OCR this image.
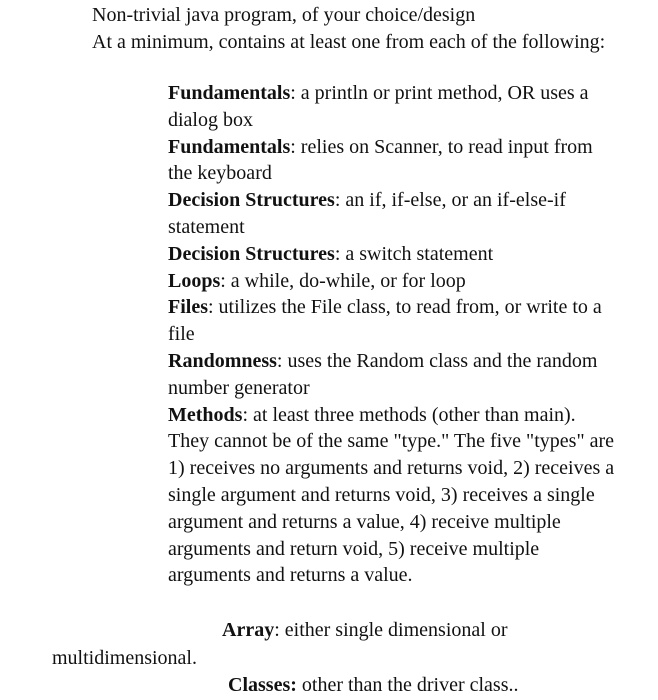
Non-trivial java program, of your choice/design
At a minimum, contains at least one from each of the following:

Fundamentals: a println or print method, OR uses a dialog box

Fundamentals: relies on Scanner, to read input from the keyboard

Decision Structures: an if, if-else, or an if-else-if statement

Decision Structures: a switch statement

Loops: a while, do-while, or for loop

Files: utilizes the File class, to read from, or write to a file

Randomness: uses the Random class and the random number generator

Methods: at least three methods (other than main). They cannot be of the same "type." The five "types" are 1) receives no arguments and returns void, 2) receives a single argument and returns void, 3) receives a single argument and returns a value, 4) receive multiple arguments and return void, 5) receive multiple arguments and returns a value.

Array: either single dimensional or
multidimensional.
Classes: other than the driver class..
